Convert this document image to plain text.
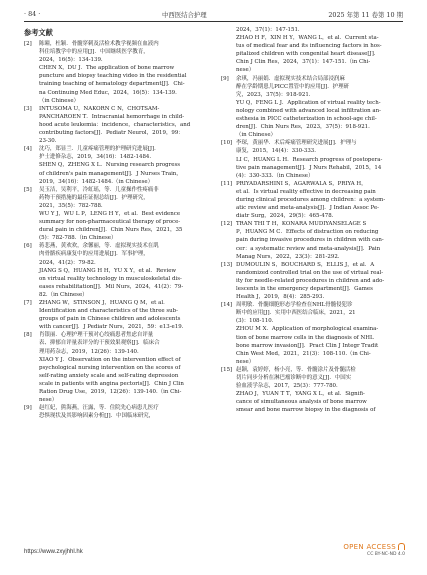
· 84 ·	中西医结合护理	2025 年第 11 卷第 10 期
参考文献
[2]	陈瞳，杜颖．骨髓穿刺及活检术教学视频在血液内
科住培教学中的应用[J]．中国继续医学教育，
2024，16(5)：134-139.
CHEN X，DU J．The application of bone marrow
puncture and biopsy teaching video in the residential
training teaching of hematology department[J]．Chi-
na Continuing Med Educ，2024，16(5)：134-139.
（in Chinese）
[3]	INTUSOMA U，NAKORN C N，CHOTSAM-
PANCHAROEN T．Intracranial hemorrhage in child-
hood acute leukemia：incidence，characteristics，and
contributing factors[J]．Pediatr Neurol，2019，99：
23-30.
[4]	沈巧，郑显兰．儿童疼痛管理的护理研究进展[J]．
护士进修杂志，2019，34(16)：1482-1484.
SHEN Q，ZHENG X L．Nursing research progress
of children's pain management[J]．J Nurses Train，
2019，34(16)：1482-1484.（in Chinese）
[5]	吴玉洁，吴利平，冷虹瑶，等．儿童操作性疼痛非
药物干预措施的最佳证据总结[J]．护理研究，
2021，35(5)：782-788.
WU Y J，WU L P，LENG H Y，et al．Best evidence
summary for non-pharmaceutical therapy of proce-
dural pain in children[J]．Chin Nurs Res，2021，35
(5)：782-788.（in Chinese）
[6]	蒋悲燕，黄欢欢，余馨丽，等．虚拟现实技术在肌
肉骨骼疾病康复中的应用进展[J]．军事护理，
2024，41(2)：79-82.
JIANG S Q，HUANG H H，YU X Y，et al．Review
on virtual reality technology in musculoskeletal dis-
eases rehabilitation[J]．Mil Nurs，2024，41(2)：79-
82.（in Chinese）
[7]	ZHANG W，STINSON J，HUANG Q M，et al．
Identification and characteristics of the three sub-
groups of pain in Chinese children and adolescents
with cancer[J]．J Pediatr Nurs，2021，59：e13-e19.
[8]	肖银丽．心理护理干预对心绞痛患者焦虑自评量
表、抑郁自评量表评分的干预效果观察[J]．临床合
理用药杂志，2019，12(26)：139-140.
XIAO Y J．Observation on the intervention effect of
psychological nursing intervention on the scores of
self-rating anxiety scale and self-rating depression
scale in patients with angina pectoris[J]．Chin J Clin
Ration Drug Use，2019，12(26)：139-140.（in Chi-
nese）
[9]	赵红妃，熊海燕，汪露，等．住院先心病患儿医疗
恐惧现状及其影响因素分析[J]．中国临床研究，
2024，37(1)：147-151.
ZHAO H F，XIN H Y，WANG L，et al．Current sta-
tus of medical fear and its influencing factors in hos-
pitalized children with congenital heart disease[J]．
Chin J Clin Res，2024，37(1)：147-151.（in Chi-
nese）
[9]	余琪，冯丽娟．虚拟现实技术结合局部浸润麻
醉在学龄期患儿PICC置管中的应用[J]．护理研
究，2023，37(5)：918-921.
YU Q，FENG L J．Application of virtual reality tech-
nology combined with advanced local infiltration an-
esthesia in PICC catheterization in school-age chil-
dren[J]．Chin Nurs Res，2023，37(5)：918-921.
（in Chinese）
[10] 李琛，黄丽华．术后疼痛管理研究进展[J]．护理与
康复，2015，14(4)：330-333.
LI C，HUANG L H．Research progress of postopera-
tive pain management[J]．J Nurs Rehabil，2015，14
(4)：330-333.（in Chinese）
[11] PRIYADARSHINI S，AGARWALA S，PRIYA H，
et al．Is virtual reality effective in decreasing pain
during clinical procedures among children：a system-
atic review and meta-analysis[J]．J Indian Assoc Pe-
diatr Surg，2024，29(5)：465-478.
[12] TRAN THI T H，KONARA MUDIYANSELAGE S
P，HUANG M C．Effects of distraction on reducing
pain during invasive procedures in children with can-
cer：a systematic review and meta-analysis[J]．Pain
Manag Nurs，2022，23(3)：281-292.
[13] DUMOULIN S，BOUCHARD S，ELLIS J，et al．A
randomized controlled trial on the use of virtual real-
ity for needle-related procedures in children and ado-
lescents in the emergency department[J]．Games
Health J，2019，8(4)：285-293.
[14] 周明敏．骨髓细胞形态学检查在NHL骨髓侵犯诊
断中的应用[J]．实用中西医结合临床，2021，21
(3)：108-110.
ZHOU M X．Application of morphological examina-
tion of bone marrow cells in the diagnosis of NHL
bone marrow invasion[J]．Pract Clin J Integr Tradit
Chin West Med，2021，21(3)：108-110.（in Chi-
nese）
[15] 赵颖，袁婷婷，杨小亮，等．骨髓涂片及骨髓活检
切片同步分析在淋巴瘤诊断中的意义[J]．中国实
验血液学杂志，2017，25(3)：777-780.
ZHAO J，YUAN T T，YANG X L，et al．Signifi-
cance of simultaneous analysis of bone marrow
smear and bone marrow biopsy in the diagnosis of
https://www.zxyjhhl.hk
OPEN ACCESS
CC BY-NC-ND 4.0
